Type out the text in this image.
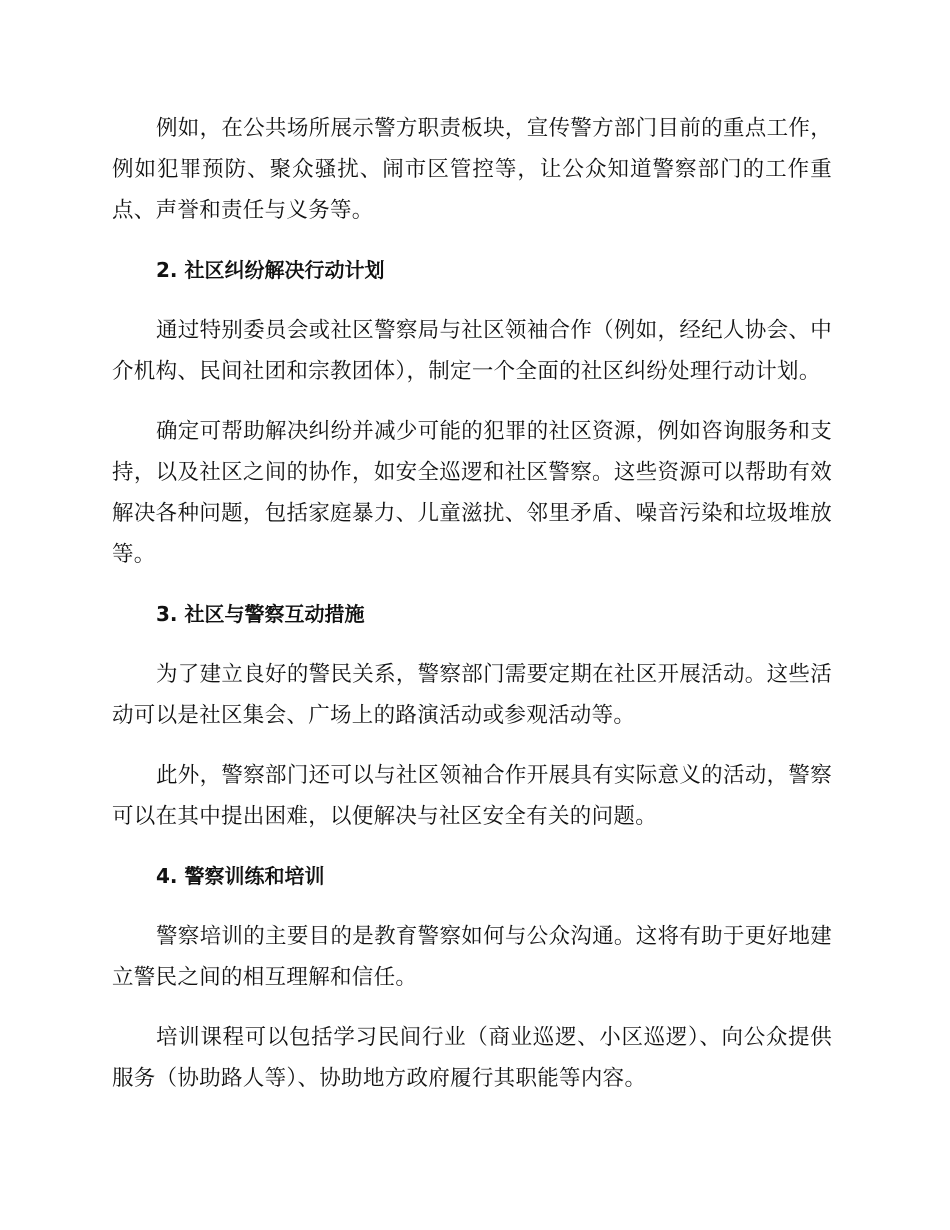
例如，在公共场所展示警方职责板块，宣传警方部门目前的重点工作，例如犯罪预防、聚众骚扰、闹市区管控等，让公众知道警察部门的工作重点、声誉和责任与义务等。

2. 社区纠纷解决行动计划

通过特别委员会或社区警察局与社区领袖合作（例如，经纪人协会、中介机构、民间社团和宗教团体），制定一个全面的社区纠纷处理行动计划。

确定可帮助解决纠纷并减少可能的犯罪的社区资源，例如咨询服务和支持，以及社区之间的协作，如安全巡逻和社区警察。这些资源可以帮助有效解决各种问题，包括家庭暴力、儿童滋扰、邻里矛盾、噪音污染和垃圾堆放等。

3. 社区与警察互动措施

为了建立良好的警民关系，警察部门需要定期在社区开展活动。这些活动可以是社区集会、广场上的路演活动或参观活动等。

此外，警察部门还可以与社区领袖合作开展具有实际意义的活动，警察可以在其中提出困难，以便解决与社区安全有关的问题。

4. 警察训练和培训

警察培训的主要目的是教育警察如何与公众沟通。这将有助于更好地建立警民之间的相互理解和信任。

培训课程可以包括学习民间行业（商业巡逻、小区巡逻）、向公众提供服务（协助路人等）、协助地方政府履行其职能等内容。
